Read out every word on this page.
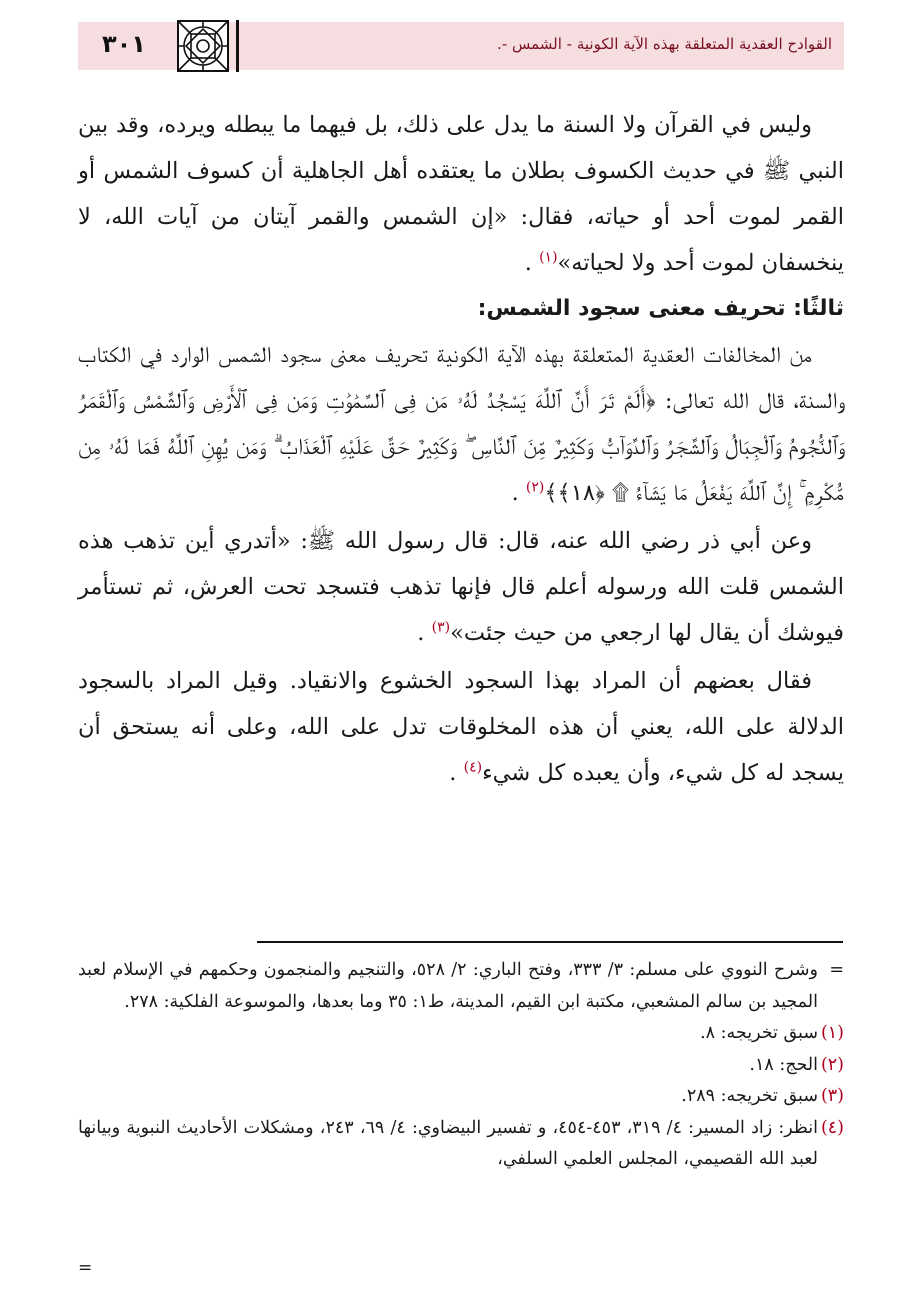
القوادح العقدية المتعلقة بهذه الآية الكونية - الشمس -.
٣٠١

وليس في القرآن ولا السنة ما يدل على ذلك، بل فيهما ما يبطله ويرده، وقد بين النبي ﷺ في حديث الكسوف بطلان ما يعتقده أهل الجاهلية أن كسوف الشمس أو القمر لموت أحد أو حياته، فقال: «إن الشمس والقمر آيتان من آيات الله، لا ينخسفان لموت أحد ولا لحياته»$^{(١)}$ .

ثالثًا: تحريف معنى سجود الشمس:

من المخالفات العقدية المتعلقة بهذه الآية الكونية تحريف معنى سجود الشمس الوارد في الكتاب والسنة، قال الله تعالى: ﴿أَلَمْ تَرَ أَنَّ ٱللَّهَ يَسْجُدُ لَهُۥ مَن فِى ٱلسَّمَٰوَٰتِ وَمَن فِى ٱلْأَرْضِ وَٱلشَّمْسُ وَٱلْقَمَرُ وَٱلنُّجُومُ وَٱلْجِبَالُ وَٱلشَّجَرُ وَٱلدَّوَآبُّ وَكَثِيرٌ مِّنَ ٱلنَّاسِ ۖ وَكَثِيرٌ حَقَّ عَلَيْهِ ٱلْعَذَابُ ۗ وَمَن يُهِنِ ٱللَّهُ فَمَا لَهُۥ مِن مُّكْرِمٍ ۚ إِنَّ ٱللَّهَ يَفْعَلُ مَا يَشَآءُ ۩ ﴿١٨﴾﴾$^{(٢)}$ .

وعن أبي ذر رضي الله عنه، قال: قال رسول الله ﷺ: «أتدري أين تذهب هذه الشمس قلت الله ورسوله أعلم قال فإنها تذهب فتسجد تحت العرش، ثم تستأمر فيوشك أن يقال لها ارجعي من حيث جئت»$^{(٣)}$ .

فقال بعضهم أن المراد بهذا السجود الخشوع والانقياد. وقيل المراد بالسجود الدلالة على الله، يعني أن هذه المخلوقات تدل على الله، وعلى أنه يستحق أن يسجد له كل شيء، وأن يعبده كل شيء$^{(٤)}$ .

=
وشرح النووي على مسلم: ٣/ ٣٣٣، وفتح الباري: ٢/ ٥٢٨، والتنجيم والمنجمون وحكمهم في الإسلام لعبد المجيد بن سالم المشعبي، مكتبة ابن القيم، المدينة، ط١: ٣٥ وما بعدها، والموسوعة الفلكية: ٢٧٨.

(١)
سبق تخريجه: ٨.

(٢)
الحج: ١٨.

(٣)
سبق تخريجه: ٢٨٩.

(٤)
انظر: زاد المسير: ٤/ ٣١٩، ٤٥٣-٤٥٤، و تفسير البيضاوي: ٤/ ٦٩، ٢٤٣، ومشكلات الأحاديث النبوية وبيانها لعبد الله القصيمي، المجلس العلمي السلفي،

=
